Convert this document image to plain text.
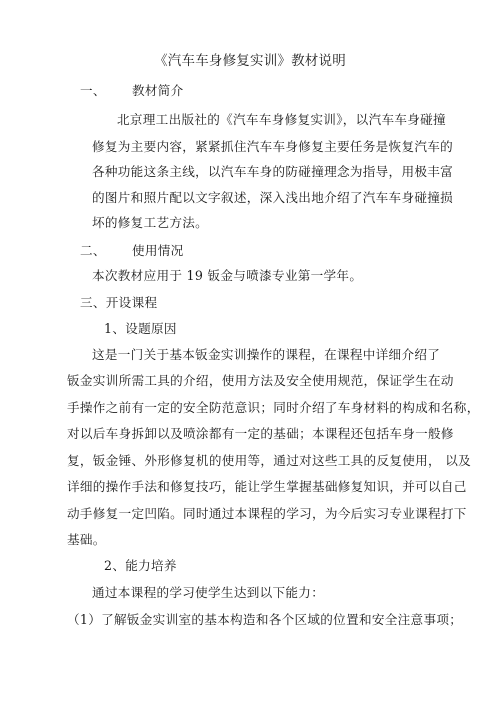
《汽车车身修复实训》教材说明
一、 教材简介
北京理工出版社的《汽车车身修复实训》，以汽车车身碰撞
修复为主要内容，紧紧抓住汽车车身修复主要任务是恢复汽车的
各种功能这条主线，以汽车车身的防碰撞理念为指导，用极丰富
的图片和照片配以文字叙述，深入浅出地介绍了汽车车身碰撞损
坏的修复工艺方法。
二、 使用情况
本次教材应用于 19 钣金与喷漆专业第一学年。
三、开设课程
1、设题原因
这是一门关于基本钣金实训操作的课程，在课程中详细介绍了
钣金实训所需工具的介绍，使用方法及安全使用规范，保证学生在动
手操作之前有一定的安全防范意识；同时介绍了车身材料的构成和名称，
对以后车身拆卸以及喷涂都有一定的基础；本课程还包括车身一般修
复，钣金锤、外形修复机的使用等，通过对这些工具的反复使用， 以及
详细的操作手法和修复技巧，能让学生掌握基础修复知识，并可以自己
动手修复一定凹陷。同时通过本课程的学习，为今后实习专业课程打下
基础。
2、能力培养
通过本课程的学习使学生达到以下能力：
（1）了解钣金实训室的基本构造和各个区域的位置和安全注意事项；
